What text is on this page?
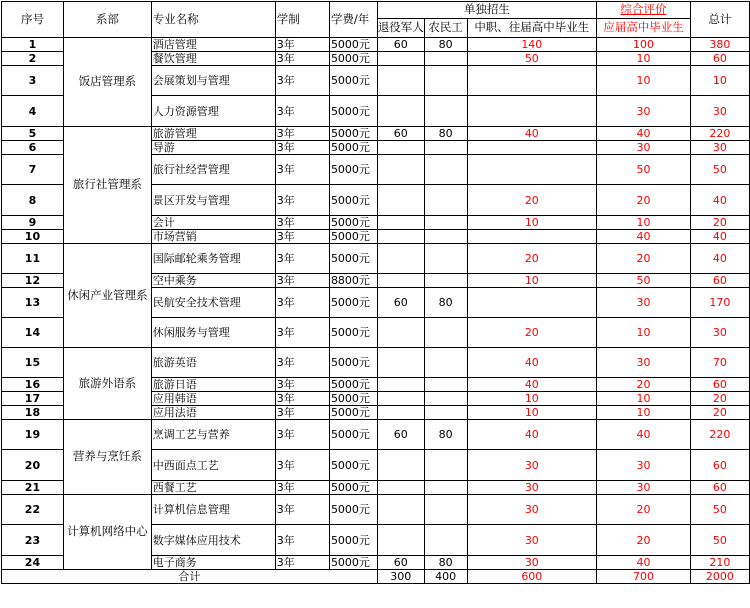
序号	系部	专业名称	学制	学费/年	单独招生			综合评价	总计
					退役军人	农民工	中职、往届高中毕业生	应届高中毕业生	
1	饭店管理系	酒店管理	3年	5000元	60	80	140	100	380
2		餐饮管理	3年	5000元			50	10	60
3		会展策划与管理	3年	5000元				10	10
4		人力资源管理	3年	5000元				30	30
5	旅行社管理系	旅游管理	3年	5000元	60	80	40	40	220
6		导游	3年	5000元				30	30
7		旅行社经营管理	3年	5000元				50	50
8		景区开发与管理	3年	5000元			20	20	40
9		会计	3年	5000元			10	10	20
10		市场营销	3年	5000元				40	40
11	休闲产业管理系	国际邮轮乘务管理	3年	5000元			20	20	40
12		空中乘务	3年	8800元			10	50	60
13		民航安全技术管理	3年	5000元	60	80		30	170
14		休闲服务与管理	3年	5000元			20	10	30
15	旅游外语系	旅游英语	3年	5000元			40	30	70
16		旅游日语	3年	5000元			40	20	60
17		应用韩语	3年	5000元			10	10	20
18		应用法语	3年	5000元			10	10	20
19	营养与烹饪系	烹调工艺与营养	3年	5000元	60	80	40	40	220
20		中西面点工艺	3年	5000元			30	30	60
21		西餐工艺	3年	5000元			30	30	60
22	计算机网络中心	计算机信息管理	3年	5000元			30	20	50
23		数字媒体应用技术	3年	5000元			30	20	50
24		电子商务	3年	5000元	60	80	30	40	210
合计					300	400	600	700	2000
